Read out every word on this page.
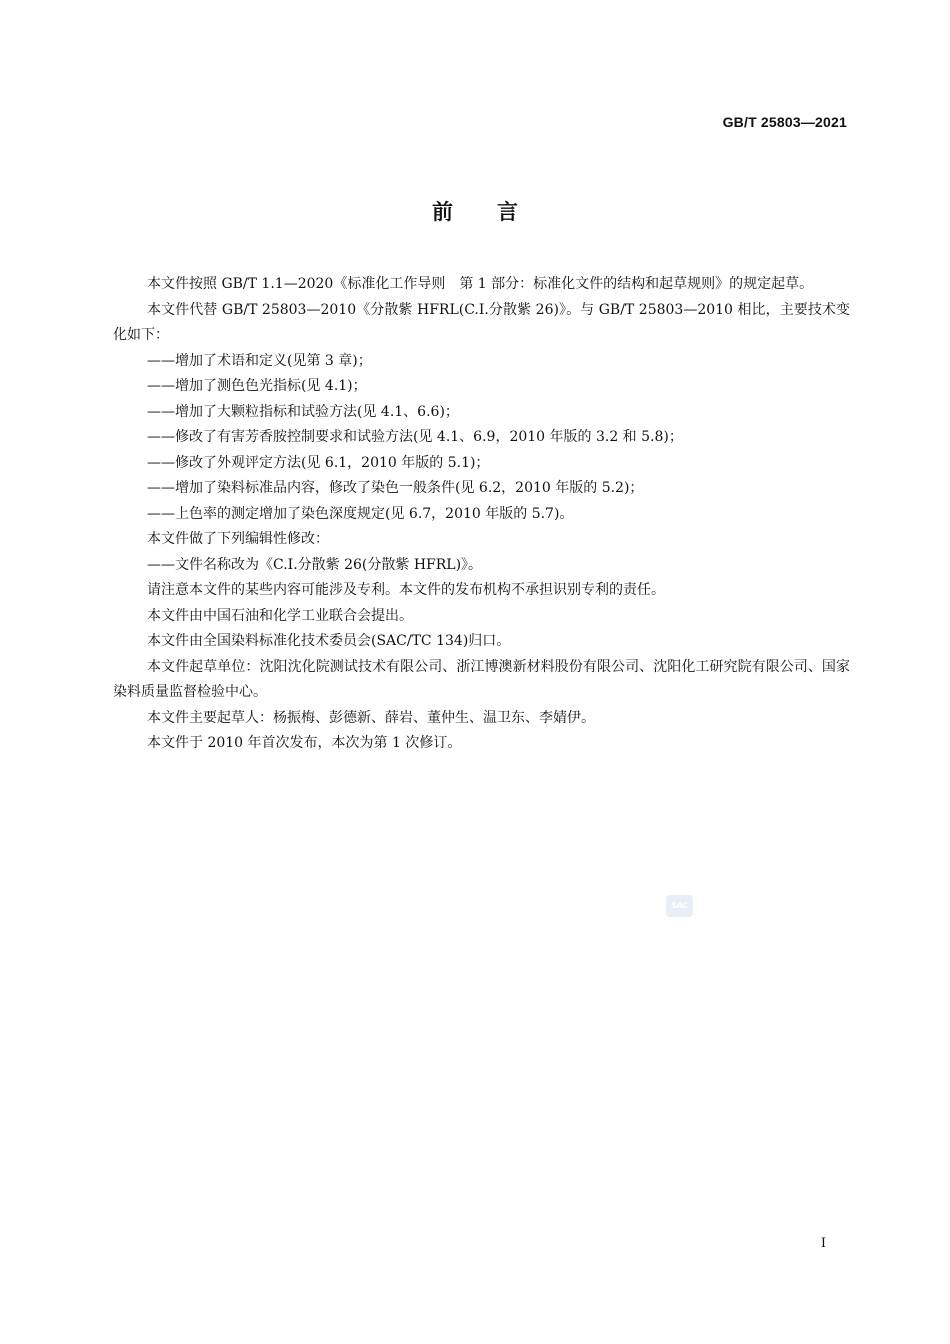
GB/T 25803—2021
前 言

本文件按照 GB/T 1.1—2020《标准化工作导则　第 1 部分：标准化文件的结构和起草规则》的规定起草。

本文件代替 GB/T 25803—2010《分散紫 HFRL(C.I.分散紫 26)》。与 GB/T 25803—2010 相比，主要技术变化如下：

——增加了术语和定义(见第 3 章)；

——增加了测色色光指标(见 4.1)；

——增加了大颗粒指标和试验方法(见 4.1、6.6)；

——修改了有害芳香胺控制要求和试验方法(见 4.1、6.9，2010 年版的 3.2 和 5.8)；

——修改了外观评定方法(见 6.1，2010 年版的 5.1)；

——增加了染料标准品内容，修改了染色一般条件(见 6.2，2010 年版的 5.2)；

——上色率的测定增加了染色深度规定(见 6.7，2010 年版的 5.7)。

本文件做了下列编辑性修改：

——文件名称改为《C.I.分散紫 26(分散紫 HFRL)》。

请注意本文件的某些内容可能涉及专利。本文件的发布机构不承担识别专利的责任。

本文件由中国石油和化学工业联合会提出。

本文件由全国染料标准化技术委员会(SAC/TC 134)归口。

本文件起草单位：沈阳沈化院测试技术有限公司、浙江博澳新材料股份有限公司、沈阳化工研究院有限公司、国家染料质量监督检验中心。

本文件主要起草人：杨振梅、彭德新、薛岩、董仲生、温卫东、李婧伊。

本文件于 2010 年首次发布，本次为第 1 次修订。

SAC
I
